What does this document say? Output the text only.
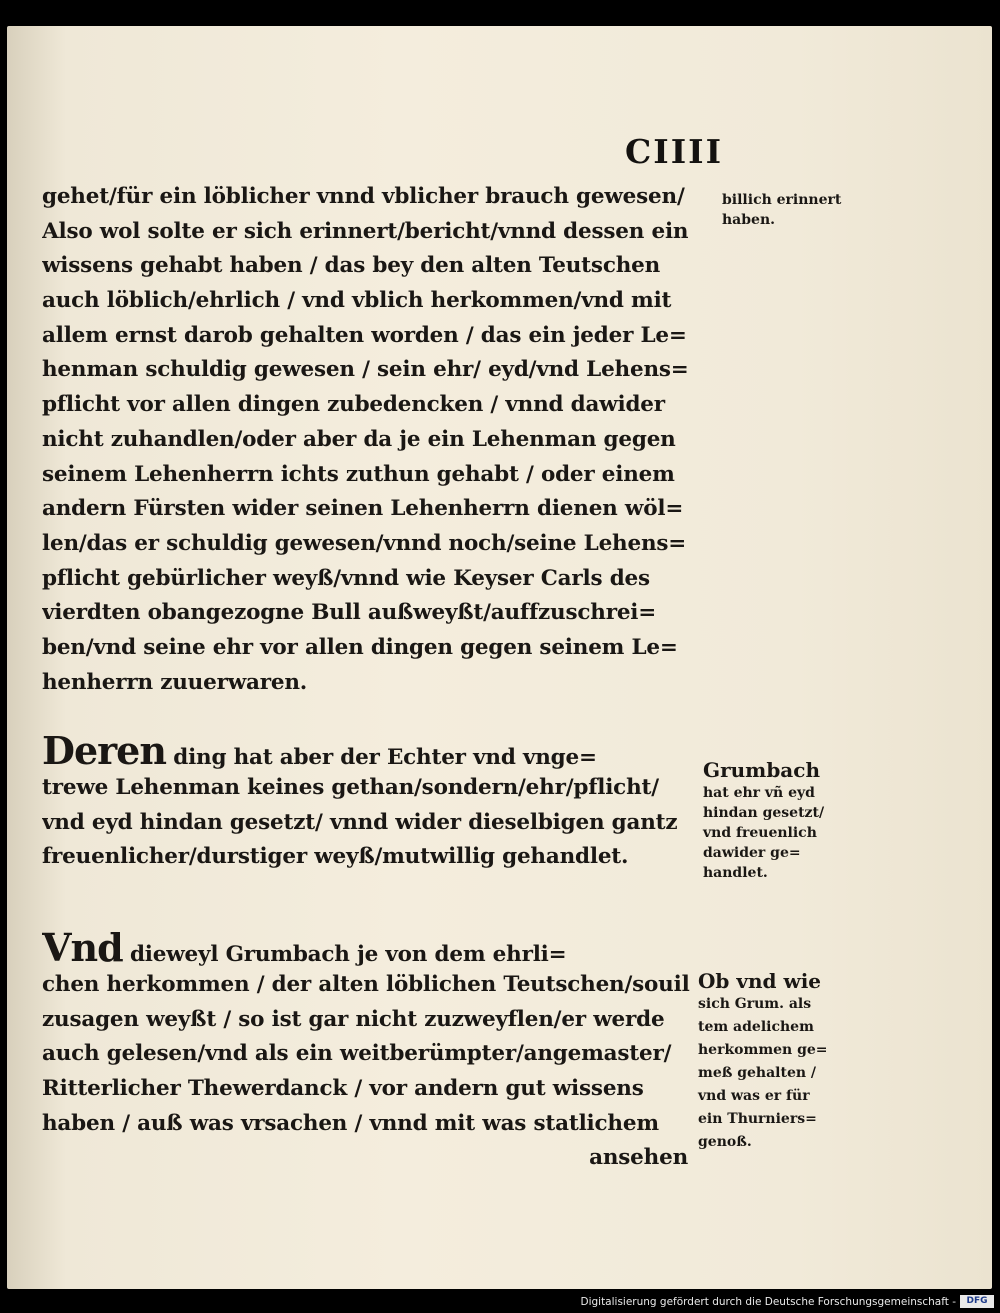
CIIII
gehet/für ein löblicher vnnd vblicher brauch gewesen/
Also wol solte er sich erinnert/bericht/vnnd dessen ein
wissens gehabt haben / das bey den alten Teutschen
auch löblich/ehrlich / vnd vblich herkommen/vnd mit
allem ernst darob gehalten worden / das ein jeder Le=
henman schuldig gewesen / sein ehr/ eyd/vnd Lehens=
pflicht vor allen dingen zubedencken / vnnd dawider
nicht zuhandlen/oder aber da je ein Lehenman gegen
seinem Lehenherrn ichts zuthun gehabt / oder einem
andern Fürsten wider seinen Lehenherrn dienen wöl=
len/das er schuldig gewesen/vnnd noch/seine Lehens=
pflicht gebürlicher weyß/vnnd wie Keyser Carls des
vierdten obangezogne Bull außweyßt/auffzuschrei=
ben/vnd seine ehr vor allen dingen gegen seinem Le=
henherrn zuuerwaren.
Deren ding hat aber der Echter vnd vnge=
trewe Lehenman keines gethan/sondern/ehr/pflicht/
vnd eyd hindan gesetzt/ vnnd wider dieselbigen gantz
freuenlicher/durstiger weyß/mutwillig gehandlet.
Vnd dieweyl Grumbach je von dem ehrli=
chen herkommen / der alten löblichen Teutschen/souil
zusagen weyßt / so ist gar nicht zuzweyflen/er werde
auch gelesen/vnd als ein weitberümpter/angemaster/
Ritterlicher Thewerdanck / vor andern gut wissens
haben / auß was vrsachen / vnnd mit was statlichem
ansehen
billich erinnert
haben.
Grumbach
hat ehr vñ eyd
hindan gesetzt/
vnd freuenlich
dawider ge=
handlet.
Ob vnd wie
sich Grum. als
tem adelichem
herkommen ge=
meß gehalten /
vnd was er für
ein Thurniers=
genoß.
Digitalisierung gefördert durch die Deutsche Forschungsgemeinschaft -	DFG
